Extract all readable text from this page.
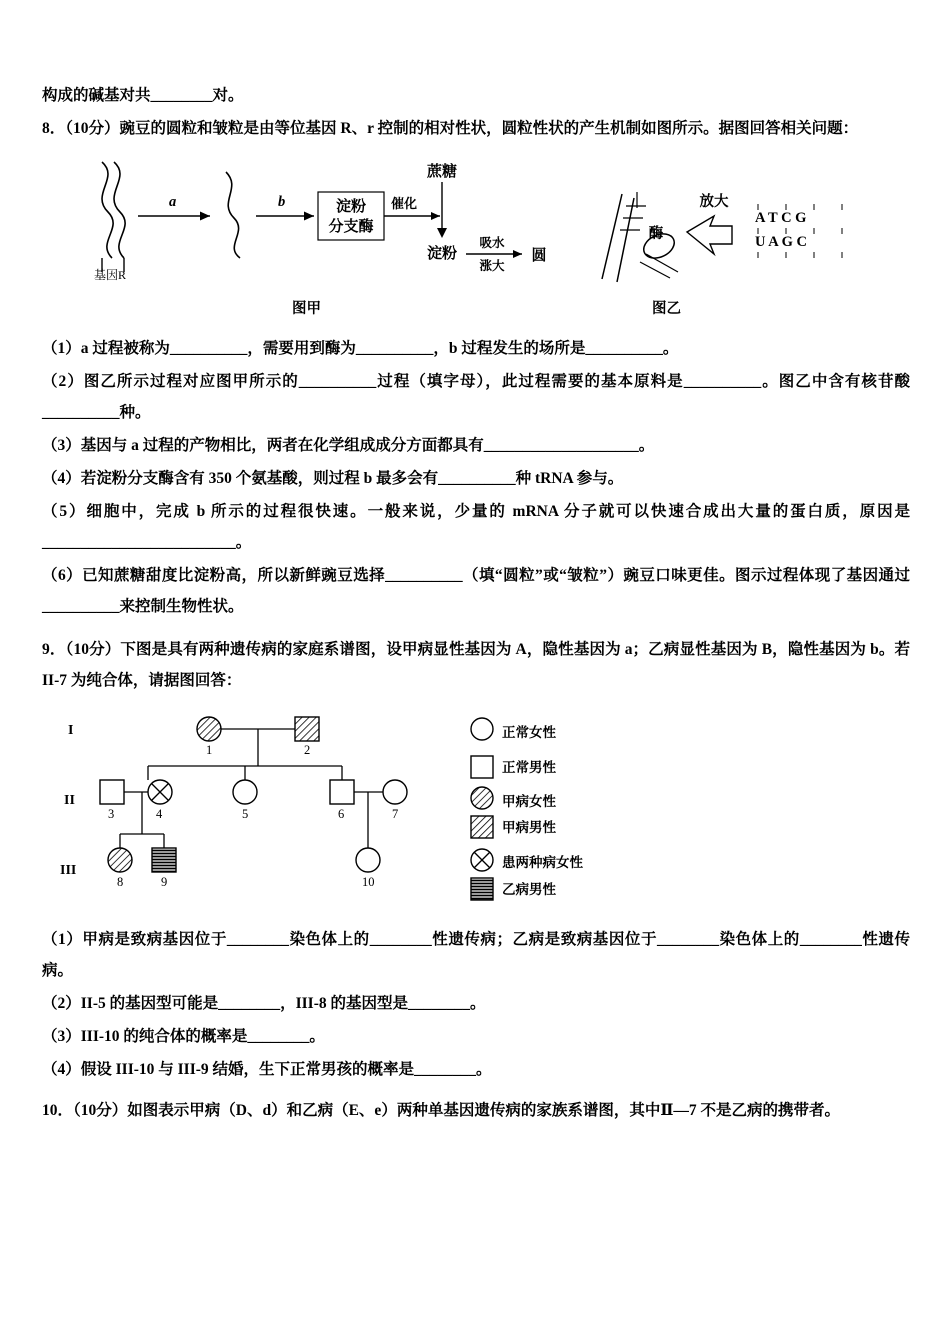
构成的碱基对共________对。

8．（10分）豌豆的圆粒和皱粒是由等位基因 R、r 控制的相对性状，圆粒性状的产生机制如图所示。据图回答相关问题：

淀粉
分支酶
催化
蔗糖
淀粉
吸水
涨大
圆
酶
放大
A T C G
U A G C
基因R
图甲	图乙
a	b

（1）a 过程被称为__________，需要用到酶为__________，b 过程发生的场所是__________。

（2）图乙所示过程对应图甲所示的__________过程（填字母），此过程需要的基本原料是__________。图乙中含有核苷酸__________种。

（3）基因与 a 过程的产物相比，两者在化学组成成分方面都具有____________________。

（4）若淀粉分支酶含有 350 个氨基酸，则过程 b 最多会有__________种 tRNA 参与。

（5）细胞中，完成 b 所示的过程很快速。一般来说，少量的 mRNA 分子就可以快速合成出大量的蛋白质，原因是_________________________。

（6）已知蔗糖甜度比淀粉高，所以新鲜豌豆选择__________（填“圆粒”或“皱粒”）豌豆口味更佳。图示过程体现了基因通过__________来控制生物性状。

9．（10分）下图是具有两种遗传病的家庭系谱图，设甲病显性基因为 A，隐性基因为 a；乙病显性基因为 B，隐性基因为 b。若 II-7 为纯合体，请据图回答：

I
II
III
1	2
3	4	5	6	7
8	9	10
正常女性
正常男性
甲病女性
甲病男性
患两种病女性
乙病男性

（1）甲病是致病基因位于________染色体上的________性遗传病；乙病是致病基因位于________染色体上的________性遗传病。

（2）II-5 的基因型可能是________，III-8 的基因型是________。

（3）III-10 的纯合体的概率是________。

（4）假设 III-10 与 III-9 结婚，生下正常男孩的概率是________。

10．（10分）如图表示甲病（D、d）和乙病（E、e）两种单基因遗传病的家族系谱图，其中Ⅱ—7 不是乙病的携带者。
